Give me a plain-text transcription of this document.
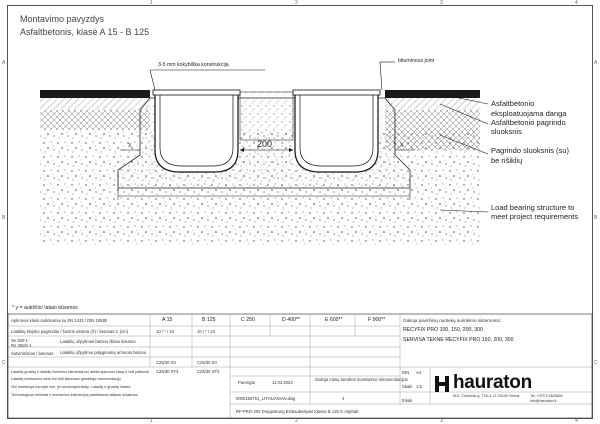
A
B
C
A
B
C
1	2	3	4
1	2	3	4
Montavimo pavyzdys
Asfaltbetonis, klasė A 15 - B 125
3-5 mm kokybiška konstrukcija
bituminous joint
200
X	X
Asfaltbetonio
eksploatuojama danga
Asfaltbetonio pagrindo
sluoksnis
Pagrindo sluoksnis (su)
be rišiklių
Load bearing structure to
meet project requirements
* y = aukščio/ lataio būsenos
Apkrovos klasė sutinkamai su EN 1433 / DIN 19580	A 15	B 125	C 250	D 400**	E 600**	F 900**
Lataklių klojimo pagrindas / šoninė atrama (X) / betonas C (cm)	10 / * / 10	10 / * / 10
Se 300-1
Ro 30x/6-1
Lataklių užpylimas betonu ištisai tinkamo
Sutvirtinimas / betonas Lataklių užpylimui palyginamą armuotu betonu
C25/30 X0	C25/30 X0
C25/30 XF3	C25/30 XF3
Lataklių grotelių ir lataklių tvirtinimo elementai turi atitikti apkrovos klasę ir būti patikrinti
Lataklių montavimo metu turi būti laikomasi gamintojo rekomendacijų
Visi matmenys nurodyti mm, jei nenurodyta kitaip. Lataklių ir grotelių klasės
Technologiniai brėžiniai ir montavimo instrukcijos pateikiamos atskirai užsakovui
Galioja paviršinių nuotekų surinkimo sistemoms:
RECYFIX PRO 100, 150, 200, 300
SERVISA TEKNE RECYFIX PRO 150, 200, 300
Parengta	11.04.2024
Galioja mūsų bendros montavimo rekomendacijos
0000156751_LITHUANIAN.dwg	4
DIN A4
Skalė 1:5
Eilutė
RF-PRO-200 Droppstrung Einbaubeispiel Klasse B 125 in Asphalt
hauraton
M.K. Čiurlionio g. 77A-3, LT-03100 Vilnius	Tel. +370 5 2620694
info@hauraton.lt
